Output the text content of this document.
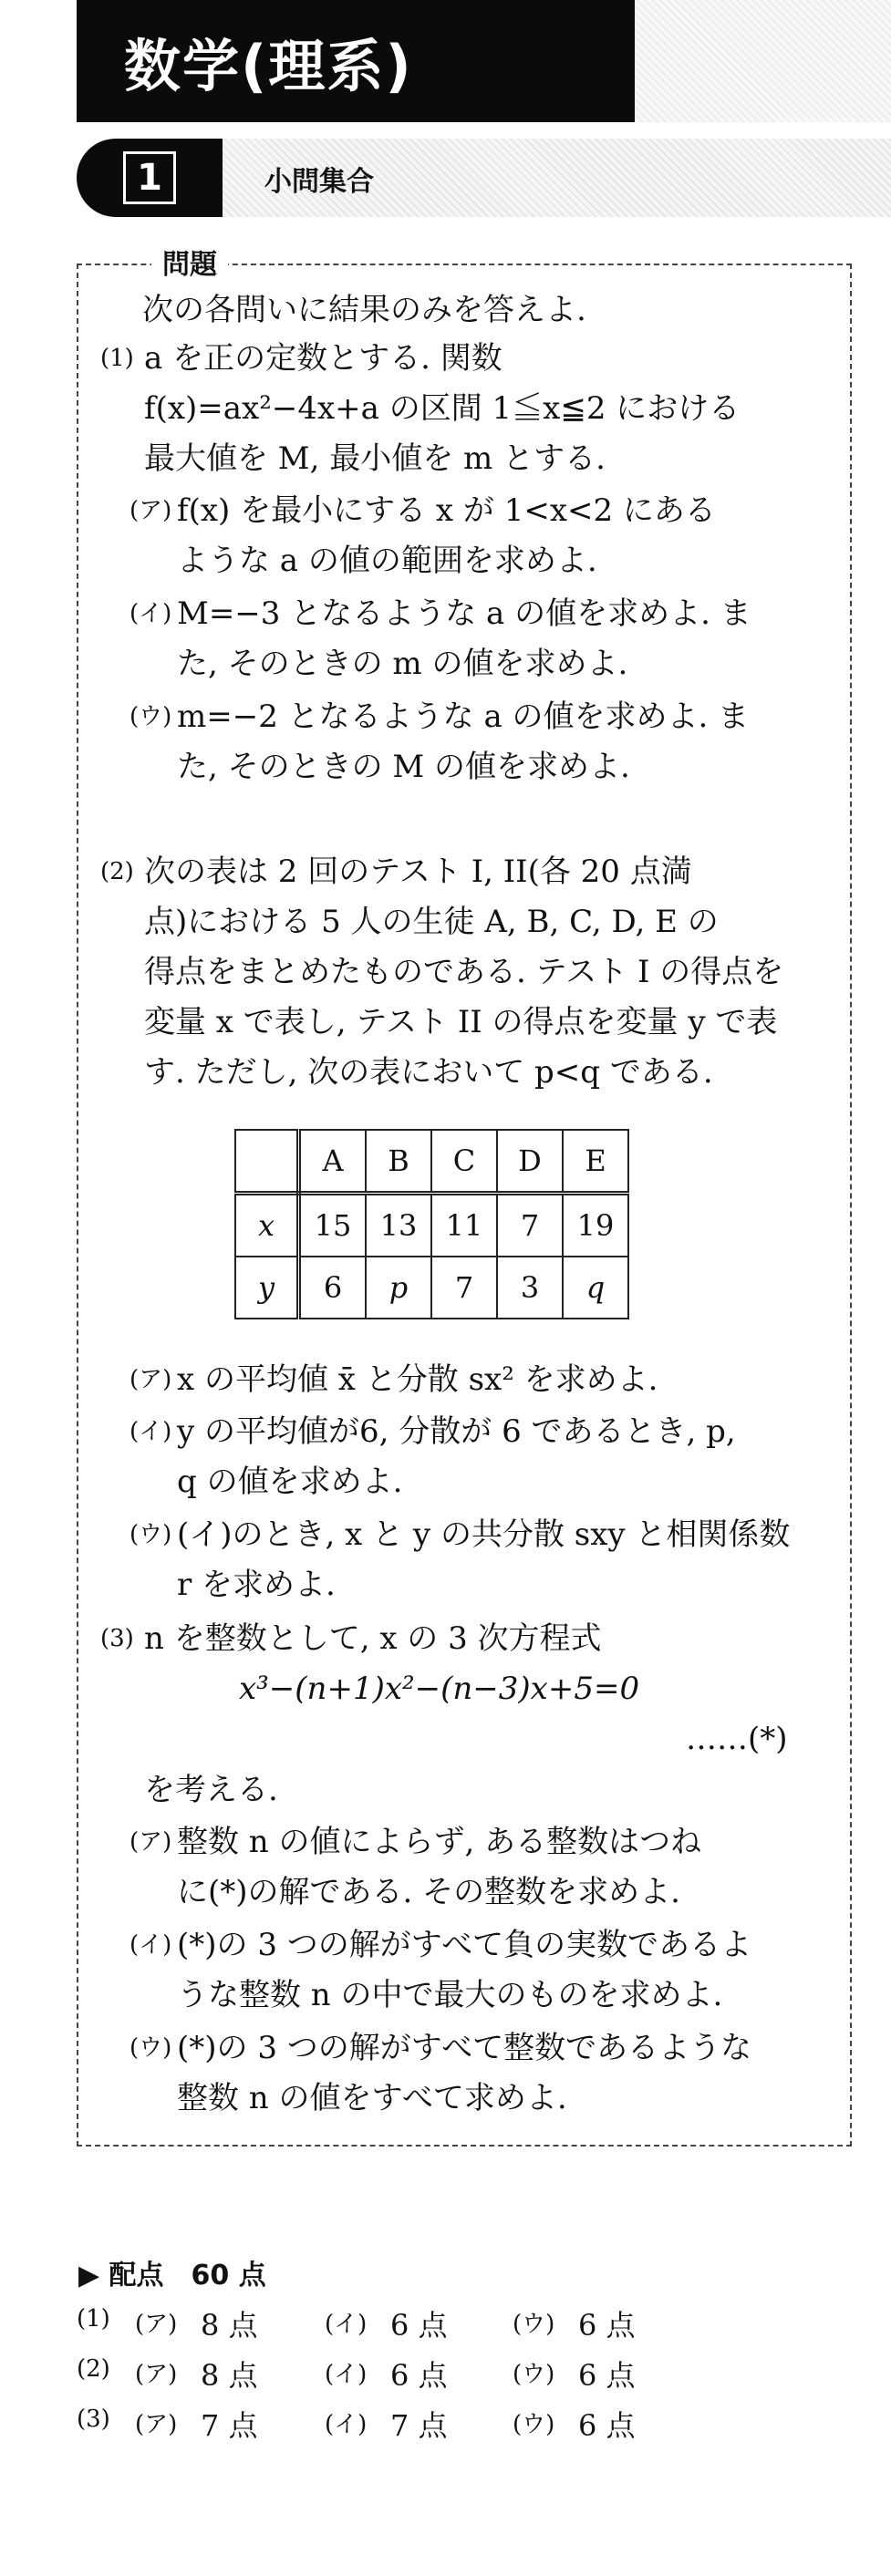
数学(理系)
1	小問集合
問題
次の各問いに結果のみを答えよ.
(1) a を正の定数とする. 関数
f(x)=ax²−4x+a の区間 1≦x≦2 における
最大値を M, 最小値を m とする.
(ア) f(x) を最小にする x が 1<x<2 にある
ような a の値の範囲を求めよ.
(イ) M=−3 となるような a の値を求めよ. ま
た, そのときの m の値を求めよ.
(ウ) m=−2 となるような a の値を求めよ. ま
た, そのときの M の値を求めよ.
(2) 次の表は 2 回のテスト I, II(各 20 点満
点)における 5 人の生徒 A, B, C, D, E の
得点をまとめたものである. テスト I の得点を
変量 x で表し, テスト II の得点を変量 y で表
す. ただし, 次の表において p<q である.
	A	B	C	D	E
x	15	13	11	7	19
y	6	p	7	3	q
(ア) x の平均値 x̄ と分散 sx² を求めよ.
(イ) y の平均値が6, 分散が 6 であるとき, p,
q の値を求めよ.
(ウ) (イ)のとき, x と y の共分散 sxy と相関係数
r を求めよ.
(3) n を整数として, x の 3 次方程式
x³−(n+1)x²−(n−3)x+5=0
……(*)
を考える.
(ア) 整数 n の値によらず, ある整数はつね
に(*)の解である. その整数を求めよ.
(イ) (*)の 3 つの解がすべて負の実数であるよ
うな整数 n の中で最大のものを求めよ.
(ウ) (*)の 3 つの解がすべて整数であるような
整数 n の値をすべて求めよ.
▶ 配点　60 点
(1) (ア) 8 点	(イ) 6 点	(ウ) 6 点
(2) (ア) 8 点	(イ) 6 点	(ウ) 6 点
(3) (ア) 7 点	(イ) 7 点	(ウ) 6 点
